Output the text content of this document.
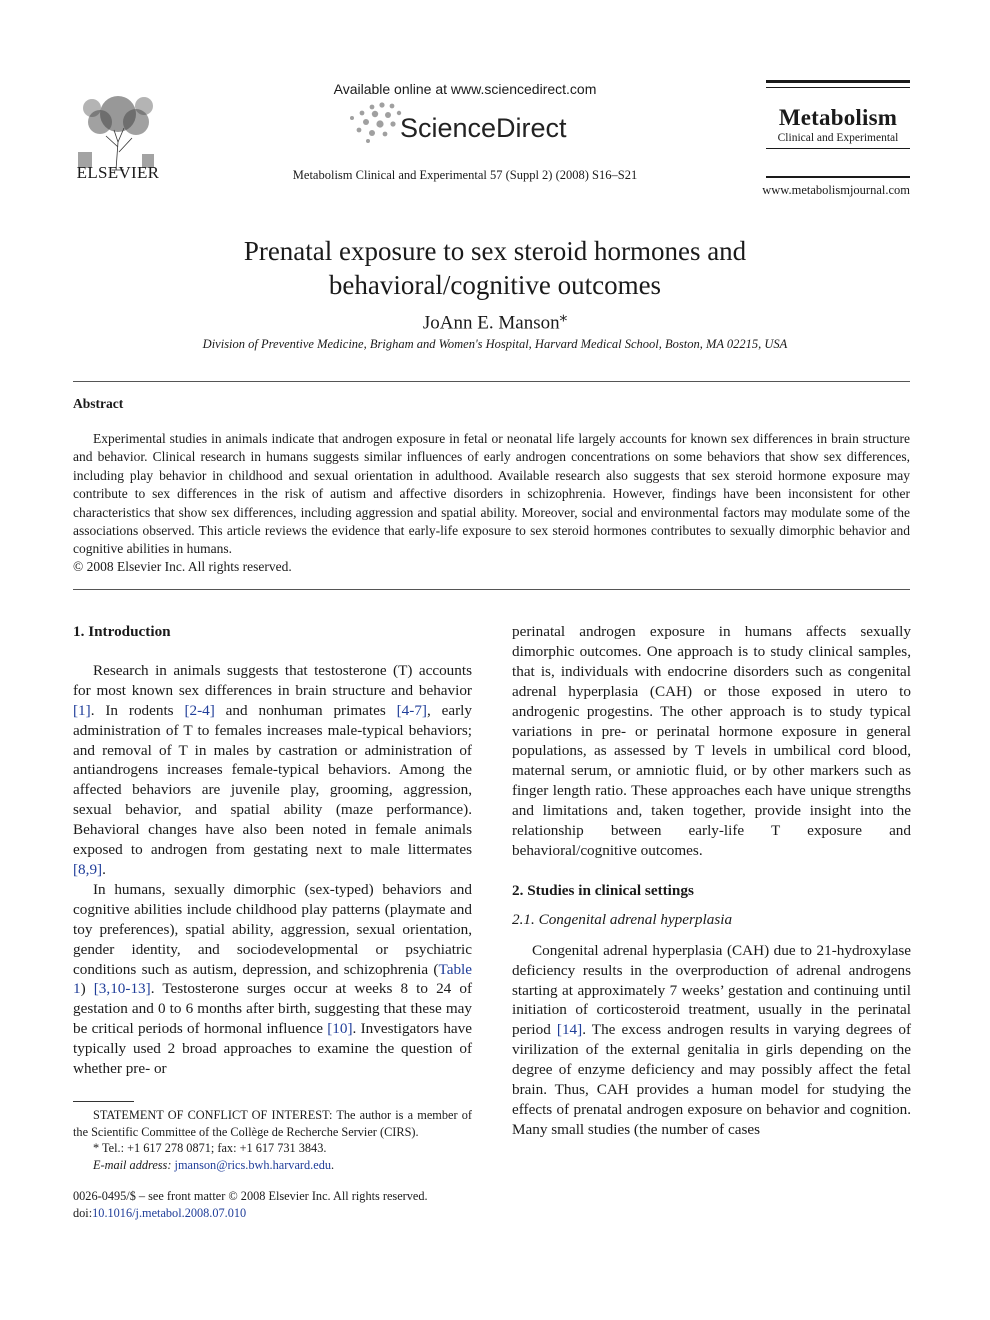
ELSEVIER
Available online at www.sciencedirect.com
ScienceDirect
Metabolism Clinical and Experimental 57 (Suppl 2) (2008) S16–S21
Metabolism
Clinical and Experimental
www.metabolismjournal.com
Prenatal exposure to sex steroid hormones and
behavioral/cognitive outcomes
JoAnn E. Manson⁎
Division of Preventive Medicine, Brigham and Women's Hospital, Harvard Medical School, Boston, MA 02215, USA
Abstract

Experimental studies in animals indicate that androgen exposure in fetal or neonatal life largely accounts for known sex differences in brain structure and behavior. Clinical research in humans suggests similar influences of early androgen concentrations on some behaviors that show sex differences, including play behavior in childhood and sexual orientation in adulthood. Available research also suggests that sex steroid hormone exposure may contribute to sex differences in the risk of autism and affective disorders in schizophrenia. However, findings have been inconsistent for other characteristics that show sex differences, including aggression and spatial ability. Moreover, social and environmental factors may modulate some of the associations observed. This article reviews the evidence that early-life exposure to sex steroid hormones contributes to sexually dimorphic behavior and cognitive abilities in humans.

© 2008 Elsevier Inc. All rights reserved.
1. Introduction

Research in animals suggests that testosterone (T) accounts for most known sex differences in brain structure and behavior [1]. In rodents [2-4] and nonhuman primates [4-7], early administration of T to females increases male-typical behaviors; and removal of T in males by castration or administration of antiandrogens increases female-typical behaviors. Among the affected behaviors are juvenile play, grooming, aggression, sexual behavior, and spatial ability (maze performance). Behavioral changes have also been noted in female animals exposed to androgen from gestating next to male littermates [8,9].

In humans, sexually dimorphic (sex-typed) behaviors and cognitive abilities include childhood play patterns (playmate and toy preferences), spatial ability, aggression, sexual orientation, gender identity, and sociodevelopmental or psychiatric conditions such as autism, depression, and schizophrenia (Table 1) [3,10-13]. Testosterone surges occur at weeks 8 to 24 of gestation and 0 to 6 months after birth, suggesting that these may be critical periods of hormonal influence [10]. Investigators have typically used 2 broad approaches to examine the question of whether pre- or

perinatal androgen exposure in humans affects sexually dimorphic outcomes. One approach is to study clinical samples, that is, individuals with endocrine disorders such as congenital adrenal hyperplasia (CAH) or those exposed in utero to androgenic progestins. The other approach is to study typical variations in pre- or perinatal hormone exposure in general populations, as assessed by T levels in umbilical cord blood, maternal serum, or amniotic fluid, or by other markers such as finger length ratio. These approaches each have unique strengths and limitations and, taken together, provide insight into the relationship between early-life T exposure and behavioral/cognitive outcomes.

2. Studies in clinical settings
2.1. Congenital adrenal hyperplasia

Congenital adrenal hyperplasia (CAH) due to 21-hydroxylase deficiency results in the overproduction of adrenal androgens starting at approximately 7 weeks’ gestation and continuing until initiation of corticosteroid treatment, usually in the perinatal period [14]. The excess androgen results in varying degrees of virilization of the external genitalia in girls depending on the degree of enzyme deficiency and may possibly affect the fetal brain. Thus, CAH provides a human model for studying the effects of prenatal androgen exposure on behavior and cognition. Many small studies (the number of cases

STATEMENT OF CONFLICT OF INTEREST: The author is a member of the Scientific Committee of the Collège de Recherche Servier (CIRS).

* Tel.: +1 617 278 0871; fax: +1 617 731 3843.

E-mail address: jmanson@rics.bwh.harvard.edu.

0026-0495/$ – see front matter © 2008 Elsevier Inc. All rights reserved.
doi:10.1016/j.metabol.2008.07.010
